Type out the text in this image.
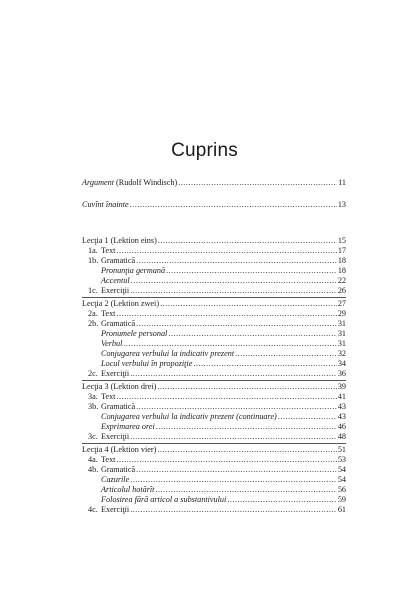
Cuprins
Argument (Rudolf Windisch) .....	11
Cuvînt înainte .....	13
Lecţia 1 (Lektion eins) .....	15
1a. Text .....	17
1b. Gramatică .....	18
Pronunţia germană .....	18
Accentul .....	22
1c. Exerciţii .....	26
Lecţia 2 (Lektion zwei) .....	27
2a. Text .....	29
2b. Gramatică .....	31
Pronumele personal .....	31
Verbul .....	31
Conjugarea verbului la indicativ prezent .....	32
Locul verbului în propoziţie .....	34
2c. Exerciţii .....	36
Lecţia 3 (Lektion drei) .....	39
3a. Text .....	41
3b. Gramatică .....	43
Conjugarea verbului la indicativ prezent (continuare) .....	43
Exprimarea orei .....	46
3c. Exerciţii .....	48
Lecţia 4 (Lektion vier) .....	51
4a. Text .....	53
4b. Gramatică .....	54
Cazurile .....	54
Articolul hotărît .....	56
Folosirea fără articol a substantivului .....	59
4c. Exerciţii .....	61
